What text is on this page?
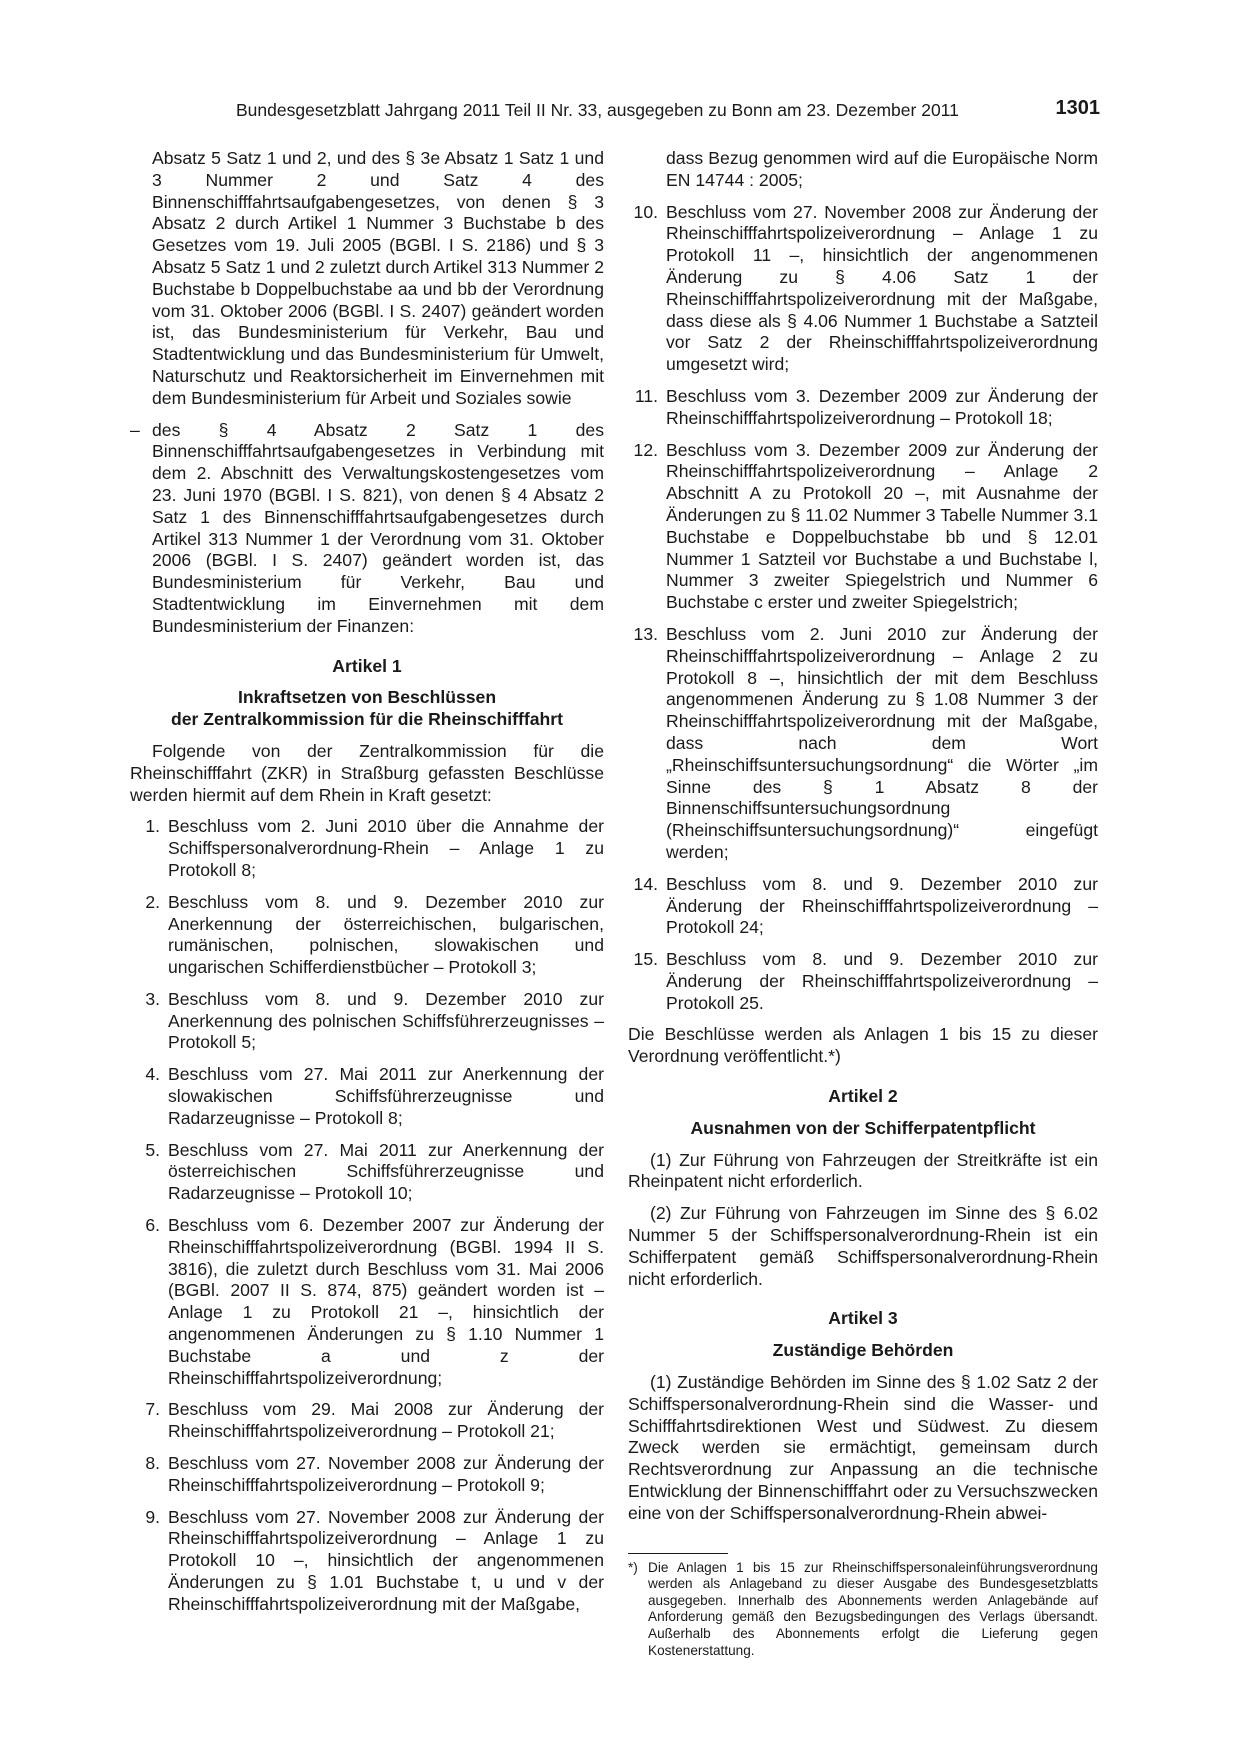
Bundesgesetzblatt Jahrgang 2011 Teil II Nr. 33, ausgegeben zu Bonn am 23. Dezember 2011	1301

Absatz 5 Satz 1 und 2, und des § 3e Absatz 1 Satz 1 und 3 Nummer 2 und Satz 4 des Binnenschifffahrtsaufgabengesetzes, von denen § 3 Absatz 2 durch Artikel 1 Nummer 3 Buchstabe b des Gesetzes vom 19. Juli 2005 (BGBl. I S. 2186) und § 3 Absatz 5 Satz 1 und 2 zuletzt durch Artikel 313 Nummer 2 Buchstabe b Doppelbuchstabe aa und bb der Verordnung vom 31. Oktober 2006 (BGBl. I S. 2407) geändert worden ist, das Bundesministerium für Verkehr, Bau und Stadtentwicklung und das Bundesministerium für Umwelt, Naturschutz und Reaktorsicherheit im Einvernehmen mit dem Bundesministerium für Arbeit und Soziales sowie

– des § 4 Absatz 2 Satz 1 des Binnenschifffahrtsaufgabengesetzes in Verbindung mit dem 2. Abschnitt des Verwaltungskostengesetzes vom 23. Juni 1970 (BGBl. I S. 821), von denen § 4 Absatz 2 Satz 1 des Binnenschifffahrtsaufgabengesetzes durch Artikel 313 Nummer 1 der Verordnung vom 31. Oktober 2006 (BGBl. I S. 2407) geändert worden ist, das Bundesministerium für Verkehr, Bau und Stadtentwicklung im Einvernehmen mit dem Bundesministerium der Finanzen:

Artikel 1
Inkraftsetzen von Beschlüssen
der Zentralkommission für die Rheinschifffahrt

Folgende von der Zentralkommission für die Rheinschifffahrt (ZKR) in Straßburg gefassten Beschlüsse werden hiermit auf dem Rhein in Kraft gesetzt:

1. Beschluss vom 2. Juni 2010 über die Annahme der Schiffspersonalverordnung-Rhein – Anlage 1 zu Protokoll 8;
2. Beschluss vom 8. und 9. Dezember 2010 zur Anerkennung der österreichischen, bulgarischen, rumänischen, polnischen, slowakischen und ungarischen Schifferdienstbücher – Protokoll 3;
3. Beschluss vom 8. und 9. Dezember 2010 zur Anerkennung des polnischen Schiffsführerzeugnisses – Protokoll 5;
4. Beschluss vom 27. Mai 2011 zur Anerkennung der slowakischen Schiffsführerzeugnisse und Radarzeugnisse – Protokoll 8;
5. Beschluss vom 27. Mai 2011 zur Anerkennung der österreichischen Schiffsführerzeugnisse und Radarzeugnisse – Protokoll 10;
6. Beschluss vom 6. Dezember 2007 zur Änderung der Rheinschifffahrtspolizeiverordnung (BGBl. 1994 II S. 3816), die zuletzt durch Beschluss vom 31. Mai 2006 (BGBl. 2007 II S. 874, 875) geändert worden ist – Anlage 1 zu Protokoll 21 –, hinsichtlich der angenommenen Änderungen zu § 1.10 Nummer 1 Buchstabe a und z der Rheinschifffahrtspolizeiverordnung;
7. Beschluss vom 29. Mai 2008 zur Änderung der Rheinschifffahrtspolizeiverordnung – Protokoll 21;
8. Beschluss vom 27. November 2008 zur Änderung der Rheinschifffahrtspolizeiverordnung – Protokoll 9;
9. Beschluss vom 27. November 2008 zur Änderung der Rheinschifffahrtspolizeiverordnung – Anlage 1 zu Protokoll 10 –, hinsichtlich der angenommenen Änderungen zu § 1.01 Buchstabe t, u und v der Rheinschifffahrtspolizeiverordnung mit der Maßgabe,
dass Bezug genommen wird auf die Europäische Norm EN 14744 : 2005;
10. Beschluss vom 27. November 2008 zur Änderung der Rheinschifffahrtspolizeiverordnung – Anlage 1 zu Protokoll 11 –, hinsichtlich der angenommenen Änderung zu § 4.06 Satz 1 der Rheinschifffahrtspolizeiverordnung mit der Maßgabe, dass diese als § 4.06 Nummer 1 Buchstabe a Satzteil vor Satz 2 der Rheinschifffahrtspolizeiverordnung umgesetzt wird;
11. Beschluss vom 3. Dezember 2009 zur Änderung der Rheinschifffahrtspolizeiverordnung – Protokoll 18;
12. Beschluss vom 3. Dezember 2009 zur Änderung der Rheinschifffahrtspolizeiverordnung – Anlage 2 Abschnitt A zu Protokoll 20 –, mit Ausnahme der Änderungen zu § 11.02 Nummer 3 Tabelle Nummer 3.1 Buchstabe e Doppelbuchstabe bb und § 12.01 Nummer 1 Satzteil vor Buchstabe a und Buchstabe l, Nummer 3 zweiter Spiegelstrich und Nummer 6 Buchstabe c erster und zweiter Spiegelstrich;
13. Beschluss vom 2. Juni 2010 zur Änderung der Rheinschifffahrtspolizeiverordnung – Anlage 2 zu Protokoll 8 –, hinsichtlich der mit dem Beschluss angenommenen Änderung zu § 1.08 Nummer 3 der Rheinschifffahrtspolizeiverordnung mit der Maßgabe, dass nach dem Wort „Rheinschiffsuntersuchungsordnung“ die Wörter „im Sinne des § 1 Absatz 8 der Binnenschiffsuntersuchungsordnung (Rheinschiffsuntersuchungsordnung)“ eingefügt werden;
14. Beschluss vom 8. und 9. Dezember 2010 zur Änderung der Rheinschifffahrtspolizeiverordnung – Protokoll 24;
15. Beschluss vom 8. und 9. Dezember 2010 zur Änderung der Rheinschifffahrtspolizeiverordnung – Protokoll 25.

Die Beschlüsse werden als Anlagen 1 bis 15 zu dieser Verordnung veröffentlicht.*)

Artikel 2
Ausnahmen von der Schifferpatentpflicht

(1) Zur Führung von Fahrzeugen der Streitkräfte ist ein Rheinpatent nicht erforderlich.

(2) Zur Führung von Fahrzeugen im Sinne des § 6.02 Nummer 5 der Schiffspersonalverordnung-Rhein ist ein Schifferpatent gemäß Schiffspersonalverordnung-Rhein nicht erforderlich.

Artikel 3
Zuständige Behörden

(1) Zuständige Behörden im Sinne des § 1.02 Satz 2 der Schiffspersonalverordnung-Rhein sind die Wasser- und Schifffahrtsdirektionen West und Südwest. Zu diesem Zweck werden sie ermächtigt, gemeinsam durch Rechtsverordnung zur Anpassung an die technische Entwicklung der Binnenschifffahrt oder zu Versuchszwecken eine von der Schiffspersonalverordnung-Rhein abwei-

*) Die Anlagen 1 bis 15 zur Rheinschiffspersonaleinführungsverordnung werden als Anlageband zu dieser Ausgabe des Bundesgesetzblatts ausgegeben. Innerhalb des Abonnements werden Anlagebände auf Anforderung gemäß den Bezugsbedingungen des Verlags übersandt. Außerhalb des Abonnements erfolgt die Lieferung gegen Kostenerstattung.
